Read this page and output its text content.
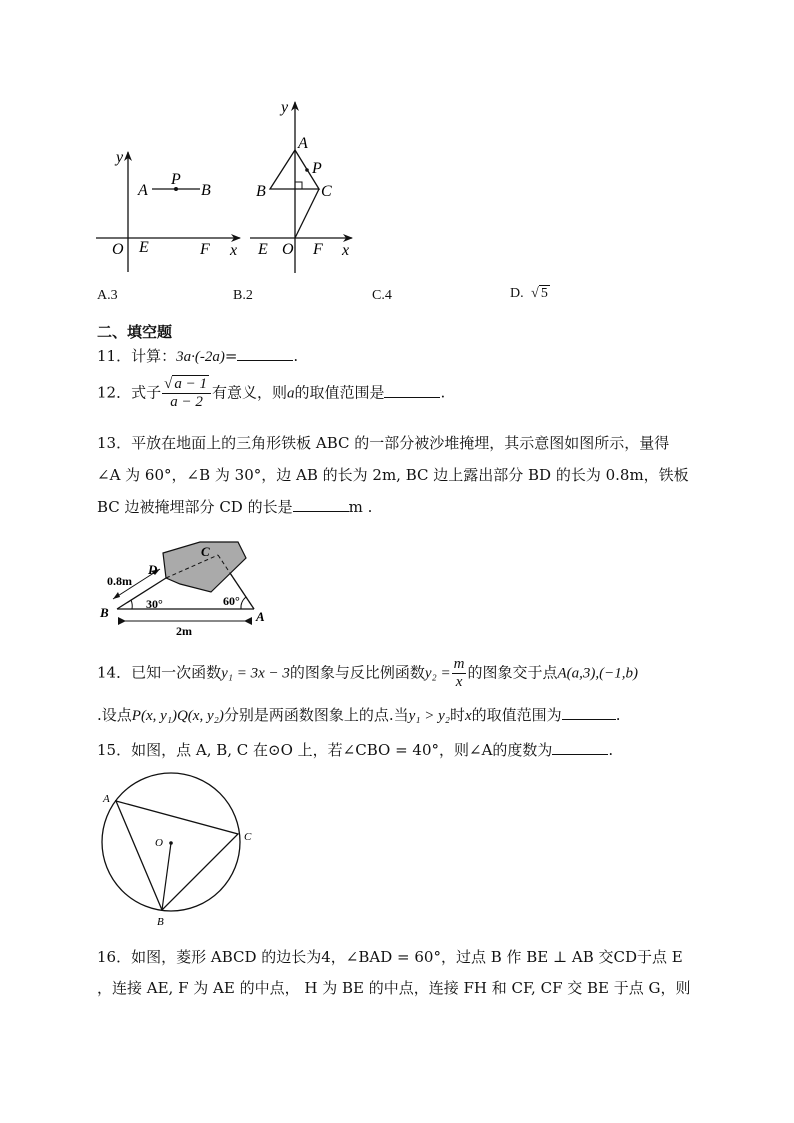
y
x
O E	F
A
P
B
y
x
O
E	F
A
P
B	C
C
D
B	A
0.8m
30°	60°
2m
A
C
B
O
A.3	B.2	C.4	D. √ 5
二、填空题
11．计算：3a·(-2a)=	.
12．式子 $\frac{√ a - 1}{a - 2}$ 有意义，则a的取值范围是	.
13．平放在地面上的三角形铁板 ABC 的一部分被沙堆掩埋，其示意图如图所示，量得
∠A 为 60°，∠B 为 30°，边 AB 的长为 2m, BC 边上露出部分 BD 的长为 0.8m，铁板
BC 边被掩埋部分 CD 的长是	m .
14．已知一次函数y₁ = 3x − 3的图象与反比例函数$y_2 = \frac{m}{x}$ 的图象交于点A(a,3),(−1,b)
.设点P(x, y₁)Q(x, y₂)分别是两函数图象上的点.当y₁ > y₂时x的取值范围为	.
15．如图，点 A, B, C 在⊙O 上，若∠CBO = 40°，则∠A的度数为	.
16．如图，菱形 ABCD 的边长为4，∠BAD = 60°，过点 B 作 BE ⊥ AB 交CD于点 E
，连接 AE, F 为 AE 的中点， H 为 BE 的中点，连接 FH 和 CF, CF 交 BE 于点 G，则
